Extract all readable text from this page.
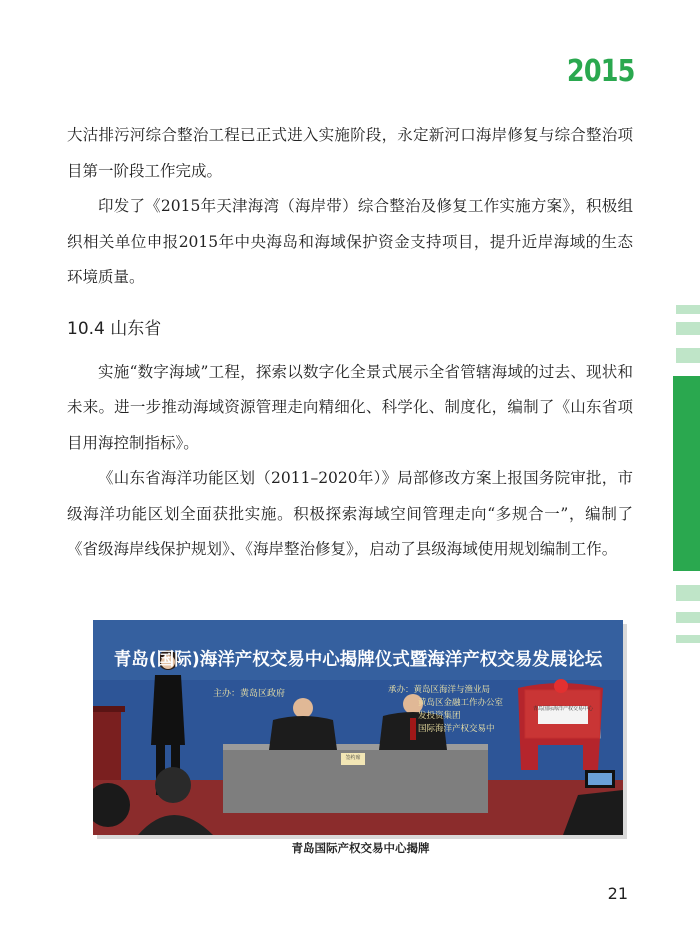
2015

大沽排污河综合整治工程已正式进入实施阶段，永定新河口海岸修复与综合整治项目第一阶段工作完成。

印发了《2015年天津海湾（海岸带）综合整治及修复工作实施方案》，积极组织相关单位申报2015年中央海岛和海域保护资金支持项目，提升近岸海域的生态环境质量。

10.4 山东省

实施“数字海域”工程，探索以数字化全景式展示全省管辖海域的过去、现状和未来。进一步推动海域资源管理走向精细化、科学化、制度化，编制了《山东省项目用海控制指标》。

《山东省海洋功能区划（2011–2020年）》局部修改方案上报国务院审批，市级海洋功能区划全面获批实施。积极探索海域空间管理走向“多规合一”，编制了《省级海岸线保护规划》、《海岸整治修复》，启动了县级海域使用规划编制工作。

青岛(国际)海洋产权交易中心揭牌仪式暨海洋产权交易发展论坛
主办：黄岛区政府	承办：黄岛区海洋与渔业局
黄岛区金融工作办公室
发投资集团
国际海洋产权交易中
青岛国际海洋产权交易中心
签约席
青岛国际产权交易中心揭牌
21
